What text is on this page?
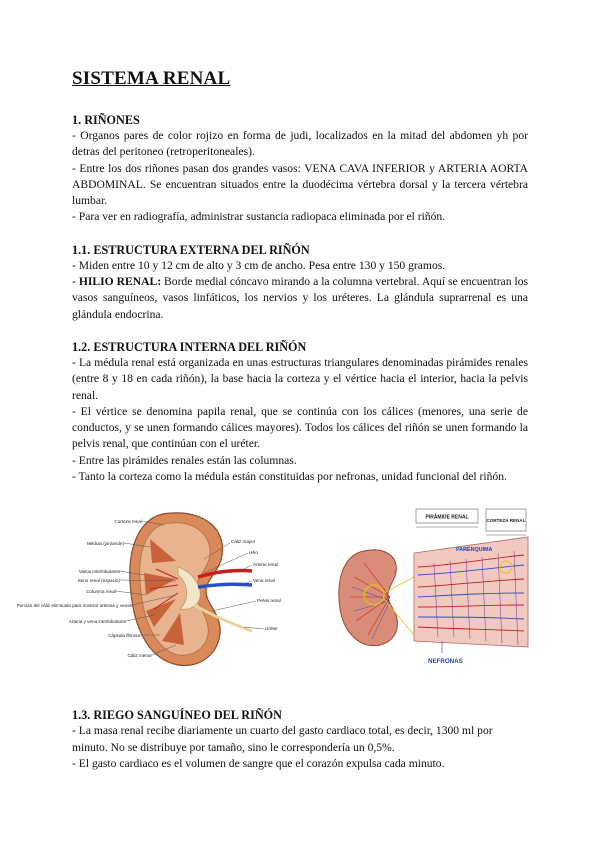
SISTEMA RENAL
1. RIÑONES

- Organos pares de color rojizo en forma de judi, localizados en la mitad del abdomen yh por detras del peritoneo (retroperitoneales).

- Entre los dos riñones pasan dos grandes vasos: VENA CAVA INFERIOR y ARTERIA AORTA ABDOMINAL. Se encuentran situados entre la duodécima vértebra dorsal y la tercera vértebra lumbar.

- Para ver en radiografía, administrar sustancia radiopaca eliminada por el riñón.

1.1. ESTRUCTURA EXTERNA DEL RIÑÓN

- Miden entre 10 y 12 cm de alto y 3 cm de ancho. Pesa entre 130 y 150 gramos.

- HILIO RENAL: Borde medial cóncavo mirando a la columna vertebral. Aquí se encuentran los vasos sanguíneos, vasos linfáticos, los nervios y los uréteres. La glándula suprarrenal es una glándula endocrina.

1.2. ESTRUCTURA INTERNA DEL RIÑÓN

- La médula renal está organizada en unas estructuras triangulares denominadas pirámides renales (entre 8 y 18 en cada riñón), la base hacia la corteza y el vértice hacia el interior, hacia la pelvis renal.

- El vértice se denomina papila renal, que se continúa con los cálices (menores, una serie de conductos, y se unen formando cálices mayores). Todos los cálices del riñón se unen formando la pelvis renal, que continúan con el uréter.

- Entre las pirámides renales están las columnas.

- Tanto la corteza como la médula están constituidas por nefronas, unidad funcional del riñón.

Corteza renal
Médula (pirámide)
Vasos interlobulares
Seno renal (espacio)
Columna renal
Porción del cáliz eliminado para mostrar arterias y venas
Arteria y vena interlobulares
Cápsula fibrosa
Cáliz menor
Cáliz mayor
Hilio
Arteria renal
Vena renal
Pelvis renal
Uréter
PIRÁMIDE RENAL	CORTEZA RENAL
PARÉNQUIMA
NEFRONAS
1.3. RIEGO SANGUÍNEO DEL RIÑÓN

- La masa renal recibe diariamente un cuarto del gasto cardiaco total, es decir, 1300 ml por minuto. No se distribuye por tamaño, sino le correspondería un 0,5%.

- El gasto cardiaco es el volumen de sangre que el corazón expulsa cada minuto.
